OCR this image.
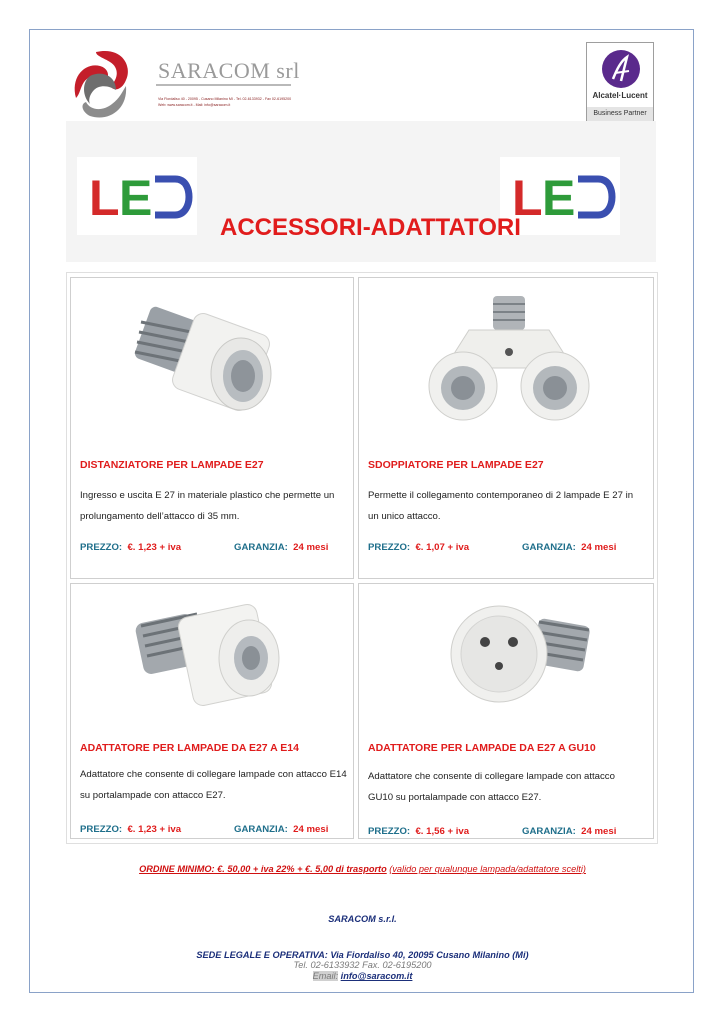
SARACOM srl
Via Fiordaliso 40 - 20095 - Cusano Milanino MI - Tel. 02-6133932 - Fax 02-6195200 Web: www.saracom.it - Mail: info@saracom.it
Alcatel·Lucent
Business Partner
L E	L E
ACCESSORI-ADATTATORI
DISTANZIATORE PER LAMPADE E27
Ingresso e uscita E 27 in materiale plastico che permette un prolungamento dell’attacco di 35 mm.
PREZZO: €. 1,23 + iva	GARANZIA: 24 mesi
SDOPPIATORE PER LAMPADE E27
Permette il collegamento contemporaneo di 2 lampade E 27 in un unico attacco.
PREZZO: €. 1,07 + iva	GARANZIA: 24 mesi
ADATTATORE PER LAMPADE DA E27 A E14
Adattatore che consente di collegare lampade con attacco E14 su portalampade con attacco E27.
PREZZO: €. 1,23 + iva	GARANZIA: 24 mesi
ADATTATORE PER LAMPADE DA E27 A GU10
Adattatore che consente di collegare lampade con attacco GU10 su portalampade con attacco E27.
PREZZO: €. 1,56 + iva	GARANZIA: 24 mesi
ORDINE MINIMO: €. 50,00 + iva 22% + €. 5,00 di trasporto (valido per qualunque lampada/adattatore scelti)
SARACOM s.r.l.
SEDE LEGALE E OPERATIVA: Via Fiordaliso 40, 20095 Cusano Milanino (Mi)
Tel. 02-6133932 Fax. 02-6195200
Email: info@saracom.it
